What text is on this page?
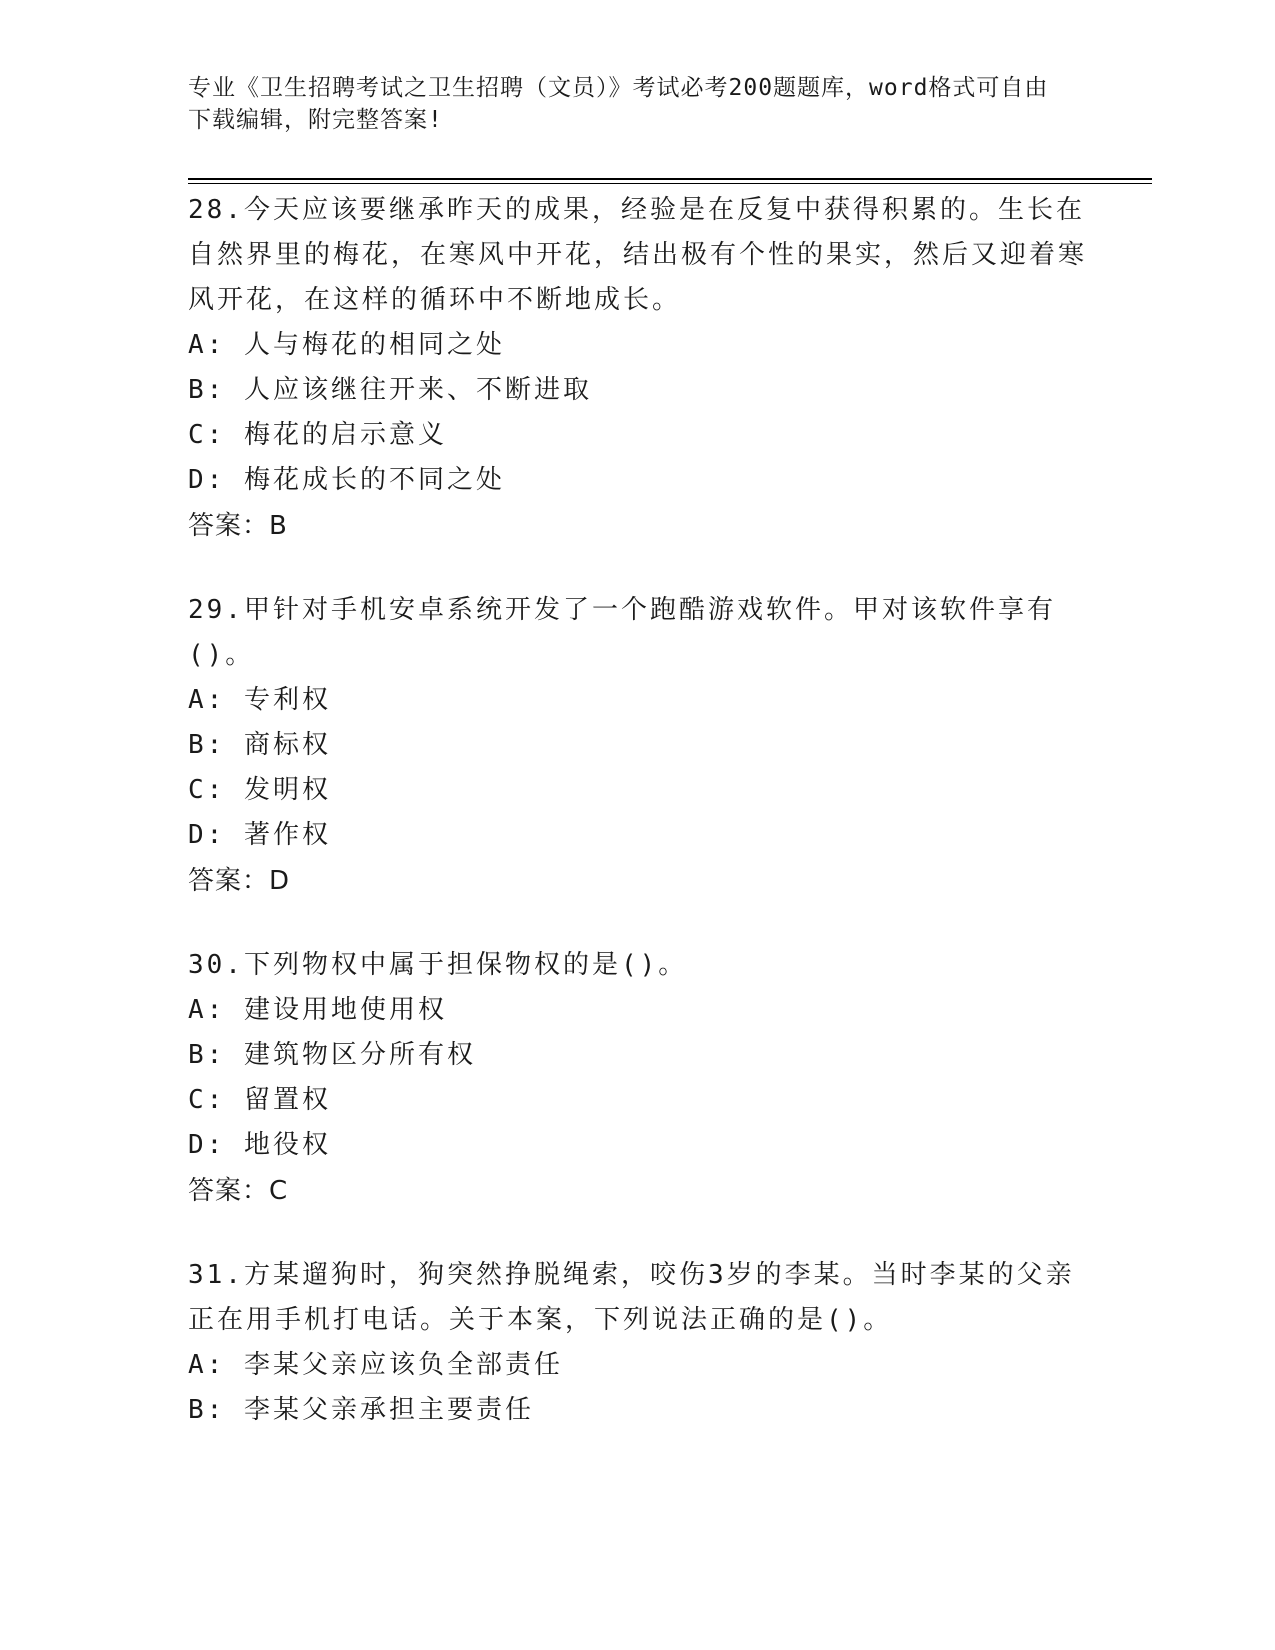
专业《卫生招聘考试之卫生招聘（文员）》考试必考200题题库，word格式可自由下载编辑，附完整答案!

28.今天应该要继承昨天的成果，经验是在反复中获得积累的。生长在自然界里的梅花，在寒风中开花，结出极有个性的果实，然后又迎着寒风开花，在这样的循环中不断地成长。

A: 人与梅花的相同之处

B: 人应该继往开来、不断进取

C: 梅花的启示意义

D: 梅花成长的不同之处

答案：B

29.甲针对手机安卓系统开发了一个跑酷游戏软件。甲对该软件享有()。

A: 专利权

B: 商标权

C: 发明权

D: 著作权

答案：D

30.下列物权中属于担保物权的是()。

A: 建设用地使用权

B: 建筑物区分所有权

C: 留置权

D: 地役权

答案：C

31.方某遛狗时，狗突然挣脱绳索，咬伤3岁的李某。当时李某的父亲正在用手机打电话。关于本案，下列说法正确的是()。

A: 李某父亲应该负全部责任

B: 李某父亲承担主要责任
